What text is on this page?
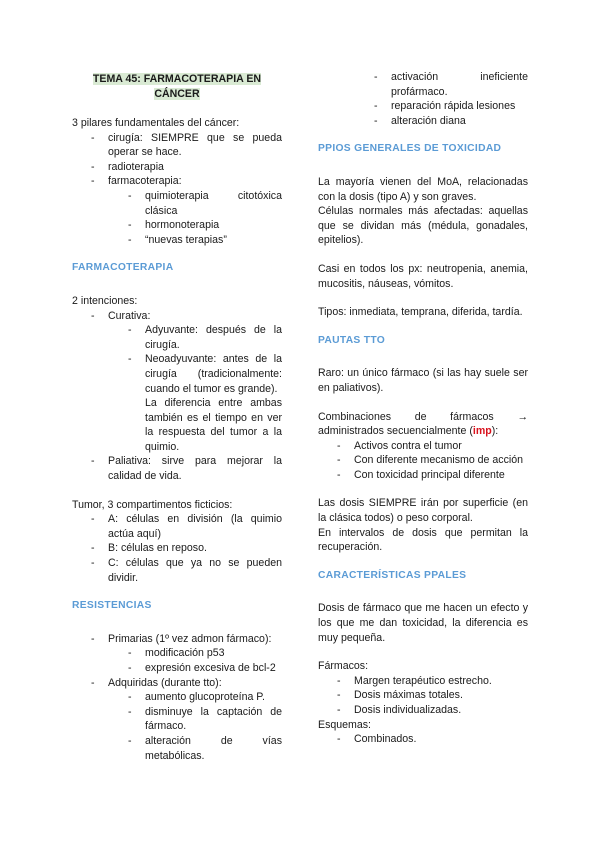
TEMA 45: FARMACOTERAPIA EN
CÁNCER

3 pilares fundamentales del cáncer:

- cirugía: SIEMPRE que se pueda operar se hace.
- radioterapia
- farmacoterapia:
- quimioterapia citotóxica clásica
- hormonoterapia
- “nuevas terapias”

FARMACOTERAPIA

2 intenciones:

- Curativa:
- Adyuvante: después de la cirugía.
- Neoadyuvante: antes de la cirugía (tradicionalmente: cuando el tumor es grande).
La diferencia entre ambas también es el tiempo en ver la respuesta del tumor a la quimio.
- Paliativa: sirve para mejorar la calidad de vida.

Tumor, 3 compartimentos ficticios:

- A: células en división (la quimio actúa aquí)
- B: células en reposo.
- C: células que ya no se pueden dividir.

RESISTENCIAS

- Primarias (1º vez admon fármaco):
- modificación p53
- expresión excesiva de bcl-2
- Adquiridas (durante tto):
- aumento glucoproteína P.
- disminuye la captación de fármaco.
- alteración de vías metabólicas.
- activación ineficiente profármaco.
- reparación rápida lesiones
- alteración diana

PPIOS GENERALES DE TOXICIDAD

La mayoría vienen del MoA, relacionadas con la dosis (tipo A) y son graves.

Células normales más afectadas: aquellas que se dividan más (médula, gonadales, epitelios).

Casi en todos los px: neutropenia, anemia, mucositis, náuseas, vómitos.

Tipos: inmediata, temprana, diferida, tardía.

PAUTAS TTO

Raro: un único fármaco (si las hay suele ser en paliativos).

Combinaciones de fármacos → administrados secuencialmente (imp):

- Activos contra el tumor
- Con diferente mecanismo de acción
- Con toxicidad principal diferente

Las dosis SIEMPRE irán por superficie (en la clásica todos) o peso corporal.

En intervalos de dosis que permitan la recuperación.

CARACTERÍSTICAS PPALES

Dosis de fármaco que me hacen un efecto y los que me dan toxicidad, la diferencia es muy pequeña.

Fármacos:

- Margen terapéutico estrecho.
- Dosis máximas totales.
- Dosis individualizadas.

Esquemas:

- Combinados.
